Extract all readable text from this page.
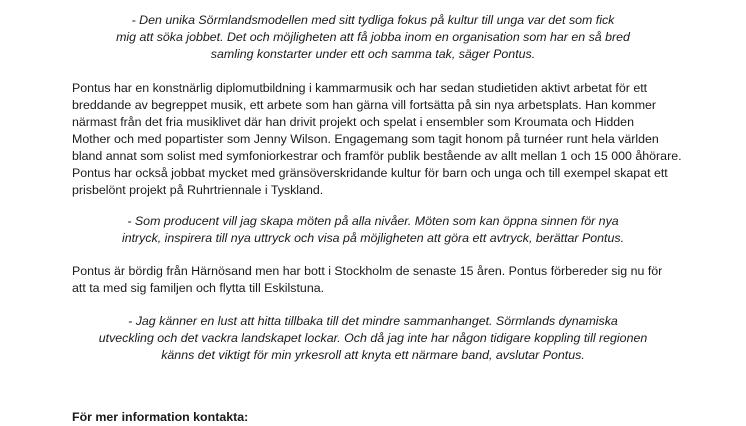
- Den unika Sörmlandsmodellen med sitt tydliga fokus på kultur till unga var det som fick
mig att söka jobbet. Det och möjligheten att få jobba inom en organisation som har en så bred
samling konstarter under ett och samma tak, säger Pontus.

Pontus har en konstnärlig diplomutbildning i kammarmusik och har sedan studietiden aktivt arbetat för ett
breddande av begreppet musik, ett arbete som han gärna vill fortsätta på sin nya arbetsplats. Han kommer
närmast från det fria musiklivet där han drivit projekt och spelat i ensembler som Kroumata och Hidden
Mother och med popartister som Jenny Wilson. Engagemang som tagit honom på turnéer runt hela världen
bland annat som solist med symfoniorkestrar och framför publik bestående av allt mellan 1 och 15 000 åhörare.
Pontus har också jobbat mycket med gränsöverskridande kultur för barn och unga och till exempel skapat ett
prisbelönt projekt på Ruhrtriennale i Tyskland.

- Som producent vill jag skapa möten på alla nivåer. Möten som kan öppna sinnen för nya
intryck, inspirera till nya uttryck och visa på möjligheten att göra ett avtryck, berättar Pontus.

Pontus är bördig från Härnösand men har bott i Stockholm de senaste 15 åren. Pontus förbereder sig nu för
att ta med sig familjen och flytta till Eskilstuna.

- Jag känner en lust att hitta tillbaka till det mindre sammanhanget. Sörmlands dynamiska
utveckling och det vackra landskapet lockar. Och då jag inte har någon tidigare koppling till regionen
känns det viktigt för min yrkesroll att knyta ett närmare band, avslutar Pontus.

För mer information kontakta:
